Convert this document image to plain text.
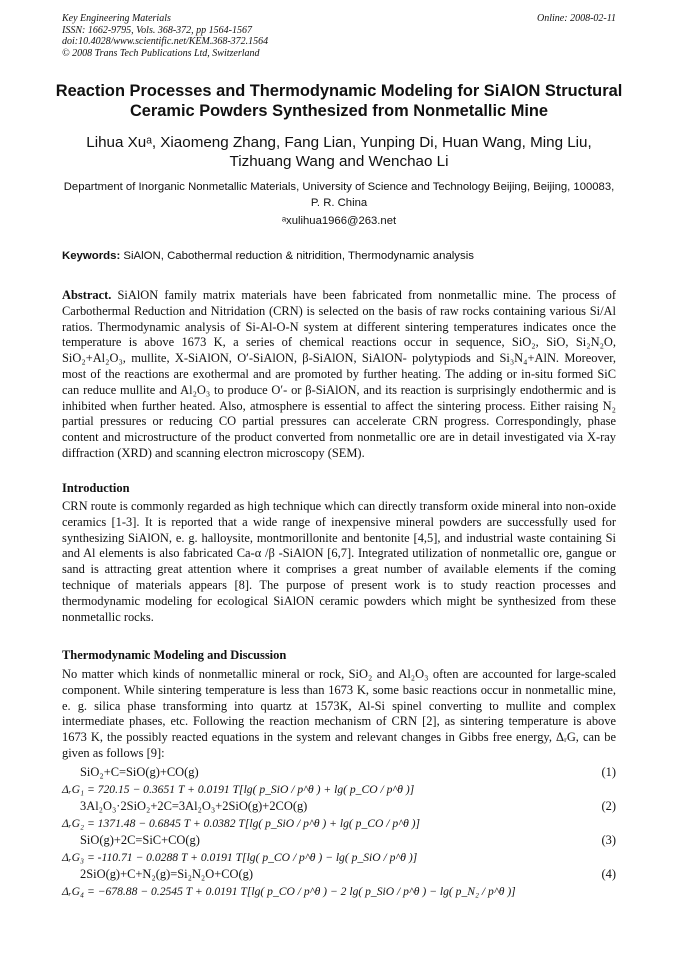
Key Engineering Materials
ISSN: 1662-9795, Vols. 368-372, pp 1564-1567
doi:10.4028/www.scientific.net/KEM.368-372.1564
© 2008 Trans Tech Publications Ltd, Switzerland
Online: 2008-02-11
Reaction Processes and Thermodynamic Modeling for SiAlON Structural Ceramic Powders Synthesized from Nonmetallic Mine
Lihua Xuᵃ, Xiaomeng Zhang, Fang Lian, Yunping Di, Huan Wang, Ming Liu, Tizhuang Wang and Wenchao Li
Department of Inorganic Nonmetallic Materials, University of Science and Technology Beijing, Beijing, 100083, P. R. China
ᵃxulihua1966@263.net
Keywords: SiAlON, Cabothermal reduction & nitridition, Thermodynamic analysis
Abstract. SiAlON family matrix materials have been fabricated from nonmetallic mine. The process of Carbothermal Reduction and Nitridation (CRN) is selected on the basis of raw rocks containing various Si/Al ratios. Thermodynamic analysis of Si-Al-O-N system at different sintering temperatures indicates once the temperature is above 1673 K, a series of chemical reactions occur in sequence, SiO₂, SiO, Si₂N₂O, SiO₂+Al₂O₃, mullite, X-SiAlON, O′-SiAlON, β-SiAlON, SiAlON- polytypiods and Si₃N₄+AlN. Moreover, most of the reactions are exothermal and are promoted by further heating. The adding or in-situ formed SiC can reduce mullite and Al₂O₃ to produce O′- or β-SiAlON, and its reaction is surprisingly endothermic and is inhibited when further heated. Also, atmosphere is essential to affect the sintering process. Either raising N₂ partial pressures or reducing CO partial pressures can accelerate CRN progress. Correspondingly, phase content and microstructure of the product converted from nonmetallic ore are in detail investigated via X-ray diffraction (XRD) and scanning electron microscopy (SEM).
Introduction
CRN route is commonly regarded as high technique which can directly transform oxide mineral into non-oxide ceramics [1-3]. It is reported that a wide range of inexpensive mineral powders are successfully used for synthesizing SiAlON, e. g. halloysite, montmorillonite and bentonite [4,5], and industrial waste containing Si and Al elements is also fabricated Ca-α /β -SiAlON [6,7]. Integrated utilization of nonmetallic ore, gangue or sand is attracting great attention where it comprises a great number of available elements if the coming technique of materials appears [8]. The purpose of present work is to study reaction processes and thermodynamic modeling for ecological SiAlON ceramic powders which might be synthesized from these nonmetallic rocks.
Thermodynamic Modeling and Discussion
No matter which kinds of nonmetallic mineral or rock, SiO₂ and Al₂O₃ often are accounted for large-scaled component. While sintering temperature is less than 1673 K, some basic reactions occur in nonmetallic mine, e. g. silica phase transforming into quartz at 1573K, Al-Si spinel converting to mullite and complex intermediate phases, etc. Following the reaction mechanism of CRN [2], as sintering temperature is above 1673 K, the possibly reacted equations in the system and relevant changes in Gibbs free energy, ΔᵣG, can be given as follows [9]:
SiO₂+C=SiO(g)+CO(g)	(1)
ΔᵣG₁ = 720.15 − 0.3651 T + 0.0191 T[lg( p_SiO / p^θ ) + lg( p_CO / p^θ )]
3Al₂O₃·2SiO₂+2C=3Al₂O₃+2SiO(g)+2CO(g)	(2)
ΔᵣG₂ = 1371.48 − 0.6845 T + 0.0382 T[lg( p_SiO / p^θ ) + lg( p_CO / p^θ )]
SiO(g)+2C=SiC+CO(g)	(3)
ΔᵣG₃ = -110.71 − 0.0288 T + 0.0191 T[lg( p_CO / p^θ ) − lg( p_SiO / p^θ )]
2SiO(g)+C+N₂(g)=Si₂N₂O+CO(g)	(4)
ΔᵣG₄ = −678.88 − 0.2545 T + 0.0191 T[lg( p_CO / p^θ ) − 2 lg( p_SiO / p^θ ) − lg( p_N₂ / p^θ )]
